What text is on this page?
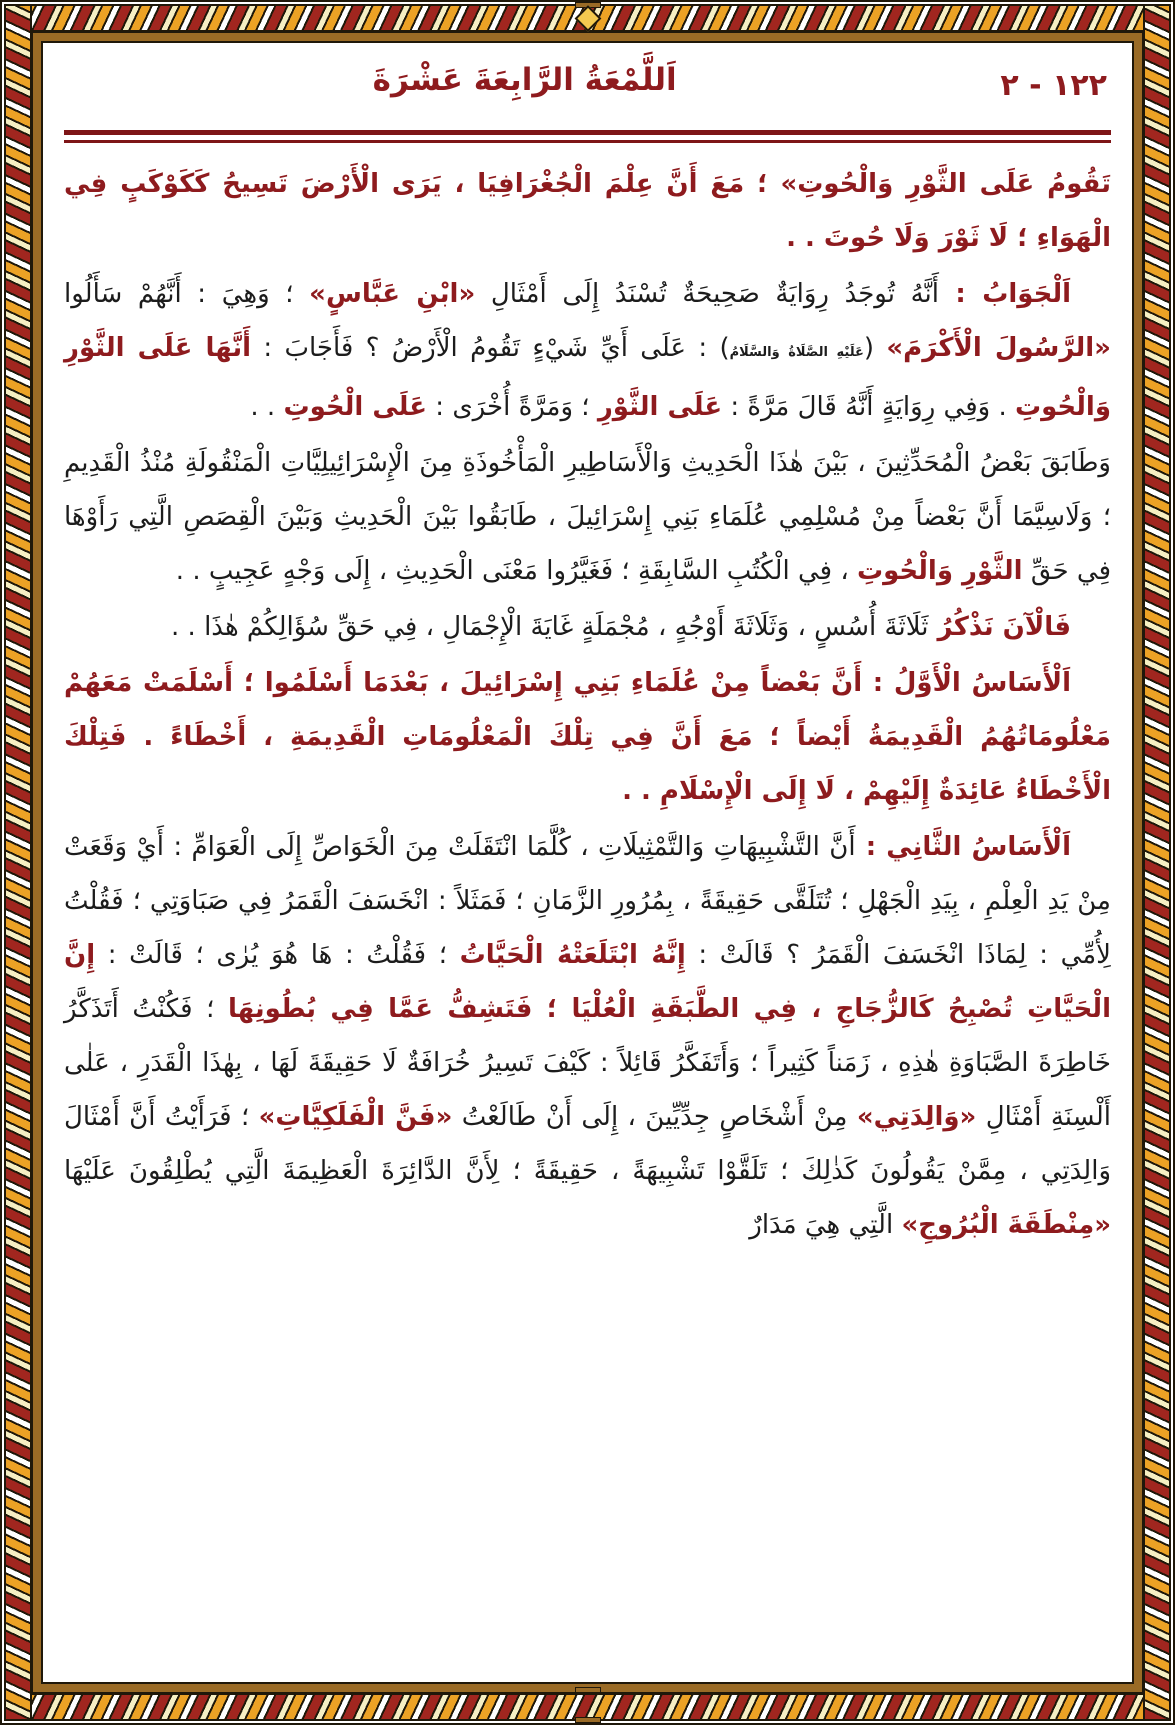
١٢٢ - ٢
اَللَّمْعَةُ الرَّابِعَةَ عَشْرَةَ

تَقُومُ عَلَى الثَّوْرِ وَالْحُوتِ» ؛ مَعَ أَنَّ عِلْمَ الْجُغْرَافِيَا ، يَرَى الْأَرْضَ تَسِيحُ كَكَوْكَبٍ فِي الْهَوَاءِ ؛ لَا ثَوْرَ وَلَا حُوتَ . .

اَلْجَوَابُ : أَنَّهُ تُوجَدُ رِوَايَةٌ صَحِيحَةٌ تُسْنَدُ إِلَى أَمْثَالِ «ابْنِ عَبَّاسٍ» ؛ وَهِيَ : أَنَّهُمْ سَأَلُوا «الرَّسُولَ الْأَكْرَمَ» (عَلَيْهِ الصَّلَاةُ وَالسَّلَامُ) : عَلَى أَيِّ شَيْءٍ تَقُومُ الْأَرْضُ ؟ فَأَجَابَ : أَنَّهَا عَلَى الثَّوْرِ وَالْحُوتِ . وَفِي رِوَايَةٍ أَنَّهُ قَالَ مَرَّةً : عَلَى الثَّوْرِ ؛ وَمَرَّةً أُخْرَى : عَلَى الْحُوتِ . .

وَطَابَقَ بَعْضُ الْمُحَدِّثِينَ ، بَيْنَ هٰذَا الْحَدِيثِ وَالْأَسَاطِيرِ الْمَأْخُوذَةِ مِنَ الْإِسْرَائِيلِيَّاتِ الْمَنْقُولَةِ مُنْذُ الْقَدِيمِ ؛ وَلَاسِيَّمَا أَنَّ بَعْضاً مِنْ مُسْلِمِي عُلَمَاءِ بَنِي إِسْرَائِيلَ ، طَابَقُوا بَيْنَ الْحَدِيثِ وَبَيْنَ الْقِصَصِ الَّتِي رَأَوْهَا فِي حَقِّ الثَّوْرِ وَالْحُوتِ ، فِي الْكُتُبِ السَّابِقَةِ ؛ فَغَيَّرُوا مَعْنَى الْحَدِيثِ ، إِلَى وَجْهٍ عَجِيبٍ . .

فَالْآنَ نَذْكُرُ ثَلَاثَةَ أُسُسٍ ، وَثَلَاثَةَ أَوْجُهٍ ، مُجْمَلَةٍ غَايَةَ الْإِجْمَالِ ، فِي حَقِّ سُؤَالِكُمْ هٰذَا . .

اَلْأَسَاسُ الْأَوَّلُ : أَنَّ بَعْضاً مِنْ عُلَمَاءِ بَنِي إِسْرَائِيلَ ، بَعْدَمَا أَسْلَمُوا ؛ أَسْلَمَتْ مَعَهُمْ مَعْلُومَاتُهُمُ الْقَدِيمَةُ أَيْضاً ؛ مَعَ أَنَّ فِي تِلْكَ الْمَعْلُومَاتِ الْقَدِيمَةِ ، أَخْطَاءً . فَتِلْكَ الْأَخْطَاءُ عَائِدَةٌ إِلَيْهِمْ ، لَا إِلَى الْإِسْلَامِ . .

اَلْأَسَاسُ الثَّانِي : أَنَّ التَّشْبِيهَاتِ وَالتَّمْثِيلَاتِ ، كُلَّمَا انْتَقَلَتْ مِنَ الْخَوَاصِّ إِلَى الْعَوَامِّ : أَيْ وَقَعَتْ مِنْ يَدِ الْعِلْمِ ، بِيَدِ الْجَهْلِ ؛ تُتَلَقَّى حَقِيقَةً ، بِمُرُورِ الزَّمَانِ ؛ فَمَثَلاً : انْخَسَفَ الْقَمَرُ فِي صَبَاوَتِي ؛ فَقُلْتُ لِأُمِّي : لِمَاذَا انْخَسَفَ الْقَمَرُ ؟ قَالَتْ : إِنَّهُ ابْتَلَعَتْهُ الْحَيَّاتُ ؛ فَقُلْتُ : هَا هُوَ يُرٰى ؛ قَالَتْ : إِنَّ الْحَيَّاتِ تُصْبِحُ كَالزُّجَاجِ ، فِي الطَّبَقَةِ الْعُلْيَا ؛ فَتَشِفُّ عَمَّا فِي بُطُونِهَا ؛ فَكُنْتُ أَتَذَكَّرُ خَاطِرَةَ الصَّبَاوَةِ هٰذِهِ ، زَمَناً كَثِيراً ؛ وَأَتَفَكَّرُ قَائِلاً : كَيْفَ تَسِيرُ خُرَافَةٌ لَا حَقِيقَةَ لَهَا ، بِهٰذَا الْقَدَرِ ، عَلٰى أَلْسِنَةِ أَمْثَالِ «وَالِدَتِي» مِنْ أَشْخَاصٍ جِدِّيِّينَ ، إِلَى أَنْ طَالَعْتُ «فَنَّ الْفَلَكِيَّاتِ» ؛ فَرَأَيْتُ أَنَّ أَمْثَالَ وَالِدَتِي ، مِمَّنْ يَقُولُونَ كَذٰلِكَ ؛ تَلَقَّوْا تَشْبِيهَةً ، حَقِيقَةً ؛ لِأَنَّ الدَّائِرَةَ الْعَظِيمَةَ الَّتِي يُطْلِقُونَ عَلَيْهَا «مِنْطَقَةَ الْبُرُوجِ» الَّتِي هِيَ مَدَارٌ
